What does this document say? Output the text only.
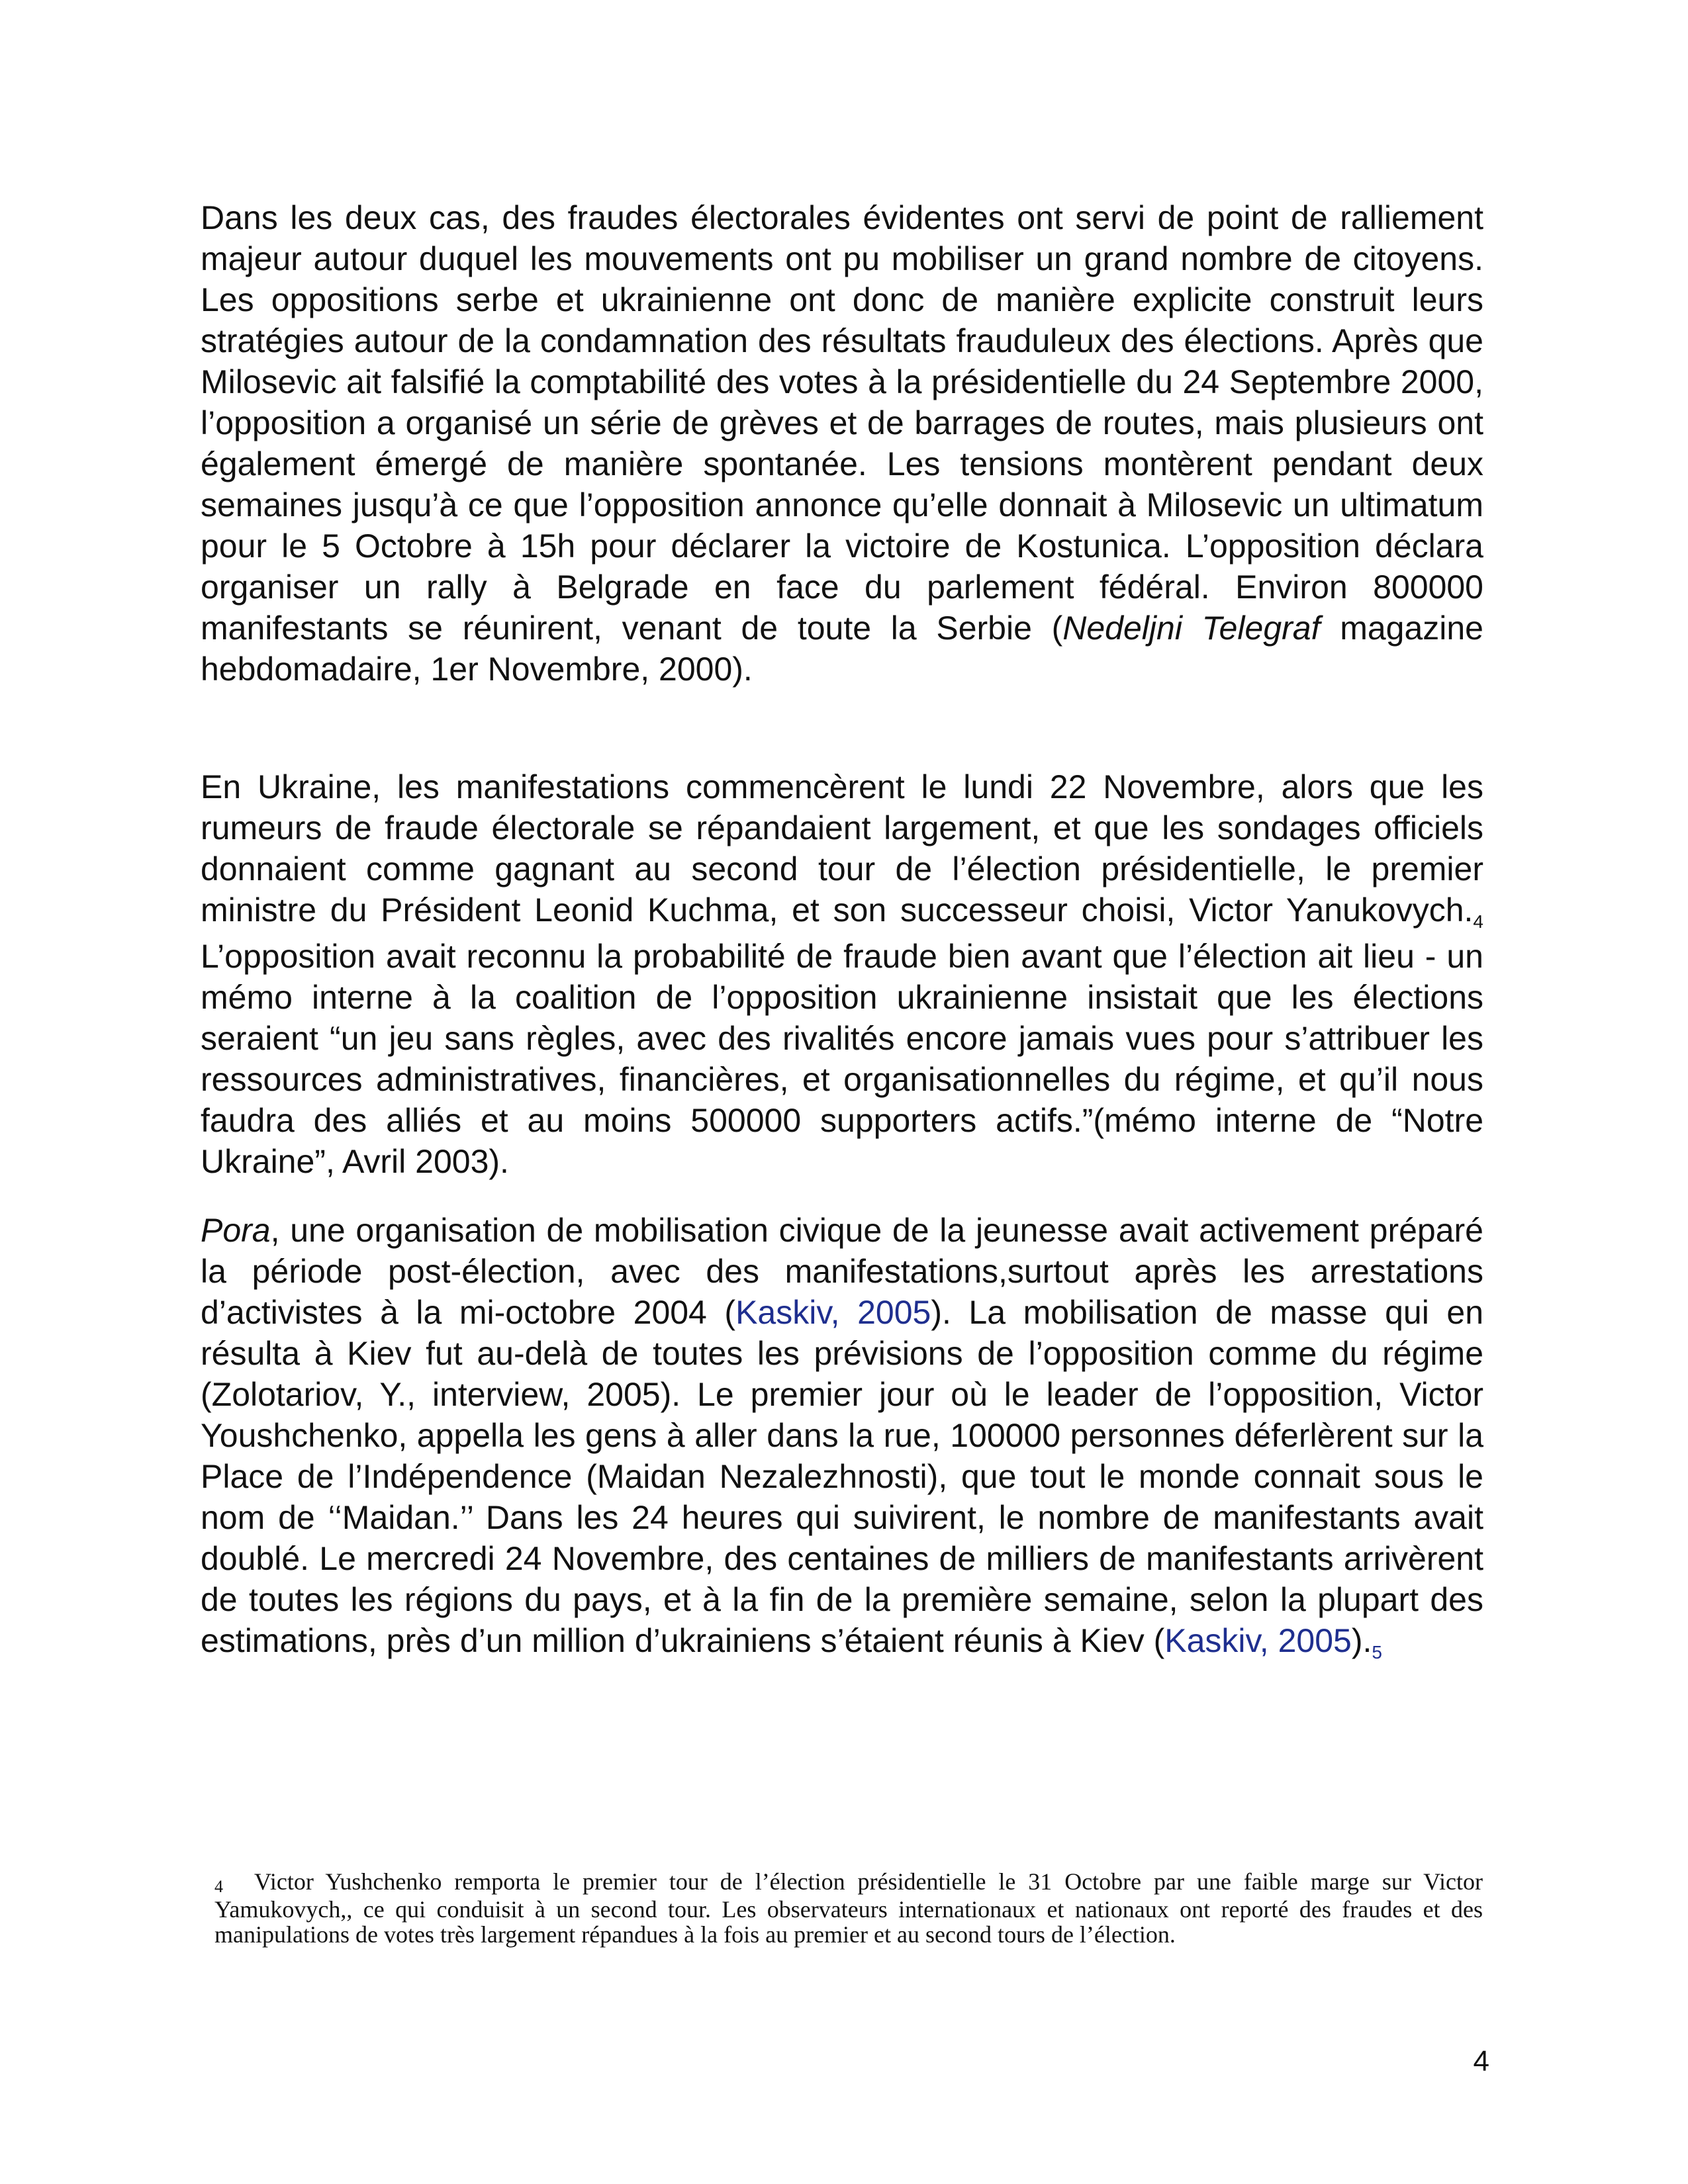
Dans les deux cas, des fraudes électorales évidentes ont servi de point de ralliement majeur autour duquel les mouvements ont pu mobiliser un grand nombre de citoyens. Les oppositions serbe et ukrainienne ont donc de manière explicite construit leurs stratégies autour de la condamnation des résultats frauduleux des élections. Après que Milosevic ait falsifié la comptabilité des votes à la présidentielle du 24 Septembre 2000, l’opposition a organisé un série de grèves et de barrages de routes, mais plusieurs ont également émergé de manière spontanée. Les tensions montèrent pendant deux semaines jusqu’à ce que l’opposition annonce qu’elle donnait à Milosevic un ultimatum pour le 5 Octobre à 15h pour déclarer la victoire de Kostunica. L’opposition déclara organiser un rally à Belgrade en face du parlement fédéral. Environ 800000 manifestants se réunirent, venant de toute la Serbie (Nedeljni Telegraf magazine hebdomadaire, 1er Novembre, 2000).

En Ukraine, les manifestations commencèrent le lundi 22 Novembre, alors que les rumeurs de fraude électorale se répandaient largement, et que les sondages officiels donnaient comme gagnant au second tour de l’élection présidentielle, le premier ministre du Président Leonid Kuchma, et son successeur choisi, Victor $Yanukovych._4$ L’opposition avait reconnu la probabilité de fraude bien avant que l’élection ait lieu - un mémo interne à la coalition de l’opposition ukrainienne insistait que les élections seraient “un jeu sans règles, avec des rivalités encore jamais vues pour s’attribuer les ressources administratives, financières, et organisationnelles du régime, et qu’il nous faudra des alliés et au moins 500000 supporters actifs.”(mémo interne de “Notre Ukraine”, Avril 2003).

Pora, une organisation de mobilisation civique de la jeunesse avait activement préparé la période post-élection, avec des manifestations,surtout après les arrestations d’activistes à la mi-octobre 2004 (Kaskiv, 2005). La mobilisation de masse qui en résulta à Kiev fut au-delà de toutes les prévisions de l’opposition comme du régime (Zolotariov, Y., interview, 2005). Le premier jour où le leader de l’opposition, Victor Youshchenko, appella les gens à aller dans la rue, 100000 personnes déferlèrent sur la Place de l’Indépendence (Maidan Nezalezhnosti), que tout le monde connait sous le nom de ‘‘Maidan.’’ Dans les 24 heures qui suivirent, le nombre de manifestants avait doublé. Le mercredi 24 Novembre, des centaines de milliers de manifestants arrivèrent de toutes les régions du pays, et à la fin de la première semaine, selon la plupart des estimations, près d’un million d’ukrainiens s’étaient réunis à Kiev (Kaskiv, $2005)._5$

4 Victor Yushchenko remporta le premier tour de l’élection présidentielle le 31 Octobre par une faible marge sur Victor Yamukovych,, ce qui conduisit à un second tour. Les observateurs internationaux et nationaux ont reporté des fraudes et des manipulations de votes très largement répandues à la fois au premier et au second tours de l’élection.

4
